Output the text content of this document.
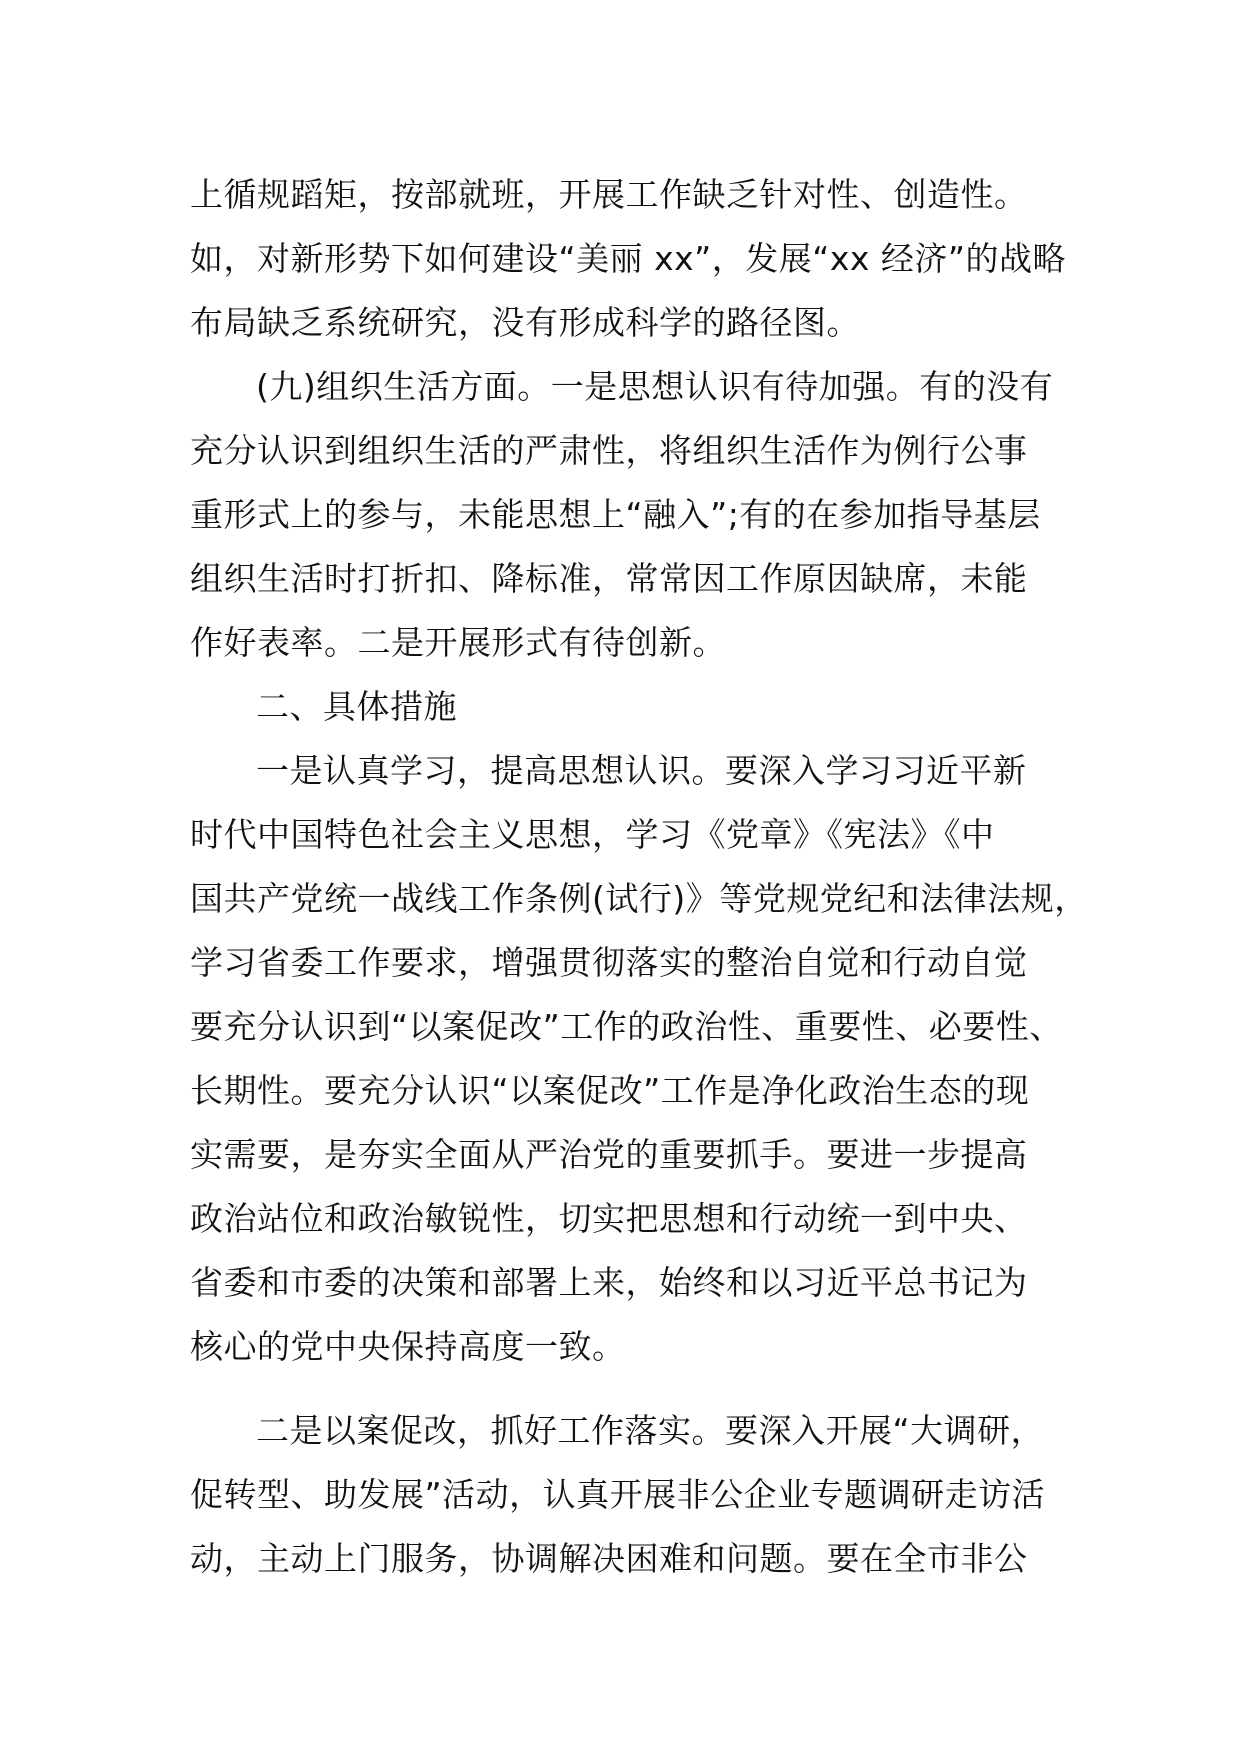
上循规蹈矩，按部就班，开展工作缺乏针对性、创造性。
如，对新形势下如何建设“美丽 xx”，发展“xx 经济”的战略
布局缺乏系统研究，没有形成科学的路径图。
(九)组织生活方面。一是思想认识有待加强。有的没有
充分认识到组织生活的严肃性，将组织生活作为例行公事
重形式上的参与，未能思想上“融入”;有的在参加指导基层
组织生活时打折扣、降标准，常常因工作原因缺席，未能
作好表率。二是开展形式有待创新。
二、具体措施
一是认真学习，提高思想认识。要深入学习习近平新
时代中国特色社会主义思想，学习《党章》《宪法》《中
国共产党统一战线工作条例(试行)》等党规党纪和法律法规，
学习省委工作要求，增强贯彻落实的整治自觉和行动自觉
要充分认识到“以案促改”工作的政治性、重要性、必要性、
长期性。要充分认识“以案促改”工作是净化政治生态的现
实需要，是夯实全面从严治党的重要抓手。要进一步提高
政治站位和政治敏锐性，切实把思想和行动统一到中央、
省委和市委的决策和部署上来，始终和以习近平总书记为
核心的党中央保持高度一致。
二是以案促改，抓好工作落实。要深入开展“大调研，
促转型、助发展”活动，认真开展非公企业专题调研走访活
动，主动上门服务，协调解决困难和问题。要在全市非公
